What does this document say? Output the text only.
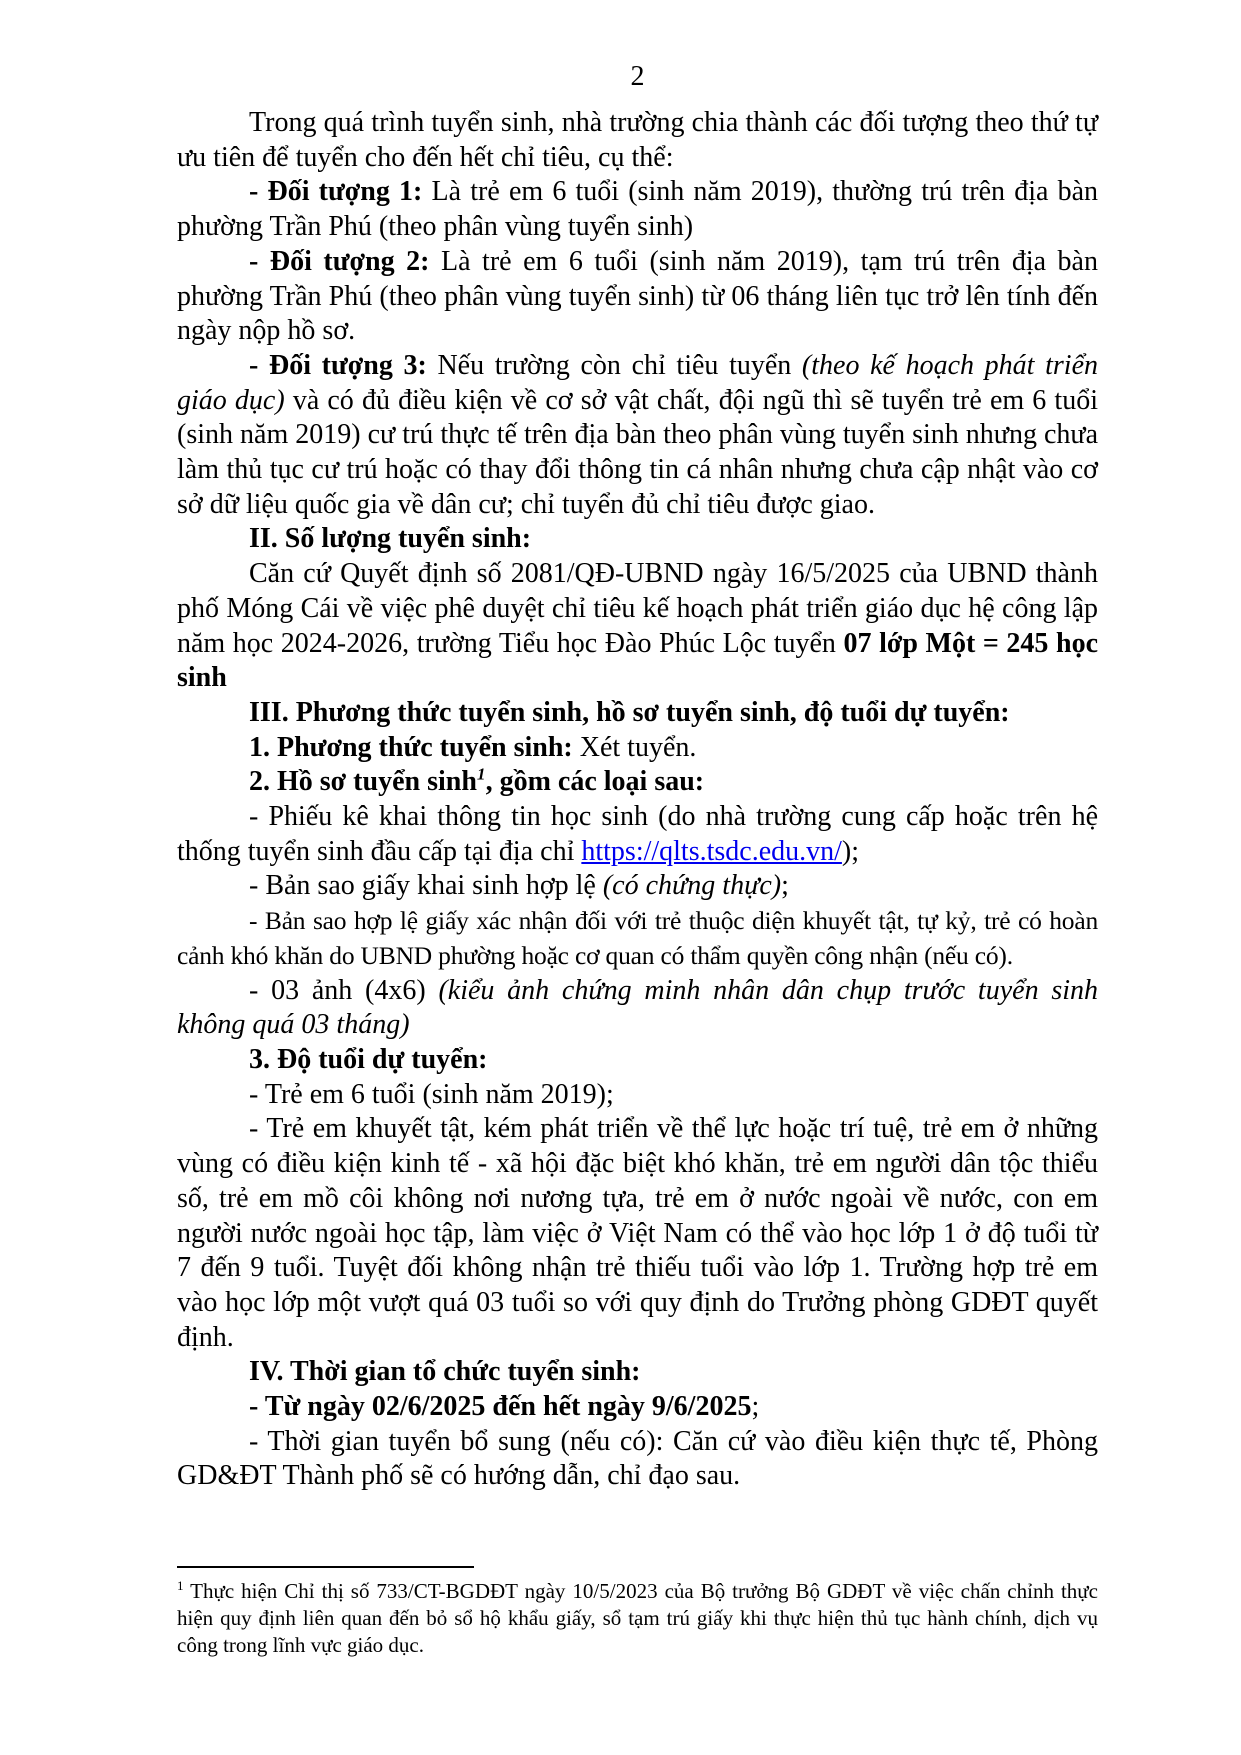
2

Trong quá trình tuyển sinh, nhà trường chia thành các đối tượng theo thứ tự ưu tiên để tuyển cho đến hết chỉ tiêu, cụ thể:

- Đối tượng 1: Là trẻ em 6 tuổi (sinh năm 2019), thường trú trên địa bàn phường Trần Phú (theo phân vùng tuyển sinh)

- Đối tượng 2: Là trẻ em 6 tuổi (sinh năm 2019), tạm trú trên địa bàn phường Trần Phú (theo phân vùng tuyển sinh) từ 06 tháng liên tục trở lên tính đến ngày nộp hồ sơ.

- Đối tượng 3: Nếu trường còn chỉ tiêu tuyển (theo kế hoạch phát triển giáo dục) và có đủ điều kiện về cơ sở vật chất, đội ngũ thì sẽ tuyển trẻ em 6 tuổi (sinh năm 2019) cư trú thực tế trên địa bàn theo phân vùng tuyển sinh nhưng chưa làm thủ tục cư trú hoặc có thay đổi thông tin cá nhân nhưng chưa cập nhật vào cơ sở dữ liệu quốc gia về dân cư; chỉ tuyển đủ chỉ tiêu được giao.

II. Số lượng tuyển sinh:

Căn cứ Quyết định số 2081/QĐ-UBND ngày 16/5/2025 của UBND thành phố Móng Cái về việc phê duyệt chỉ tiêu kế hoạch phát triển giáo dục hệ công lập năm học 2024-2026, trường Tiểu học Đào Phúc Lộc tuyển 07 lớp Một = 245 học sinh

III. Phương thức tuyển sinh, hồ sơ tuyển sinh, độ tuổi dự tuyển:

1. Phương thức tuyển sinh: Xét tuyển.

2. Hồ sơ tuyển sinh$^1$, gồm các loại sau:

- Phiếu kê khai thông tin học sinh (do nhà trường cung cấp hoặc trên hệ thống tuyển sinh đầu cấp tại địa chỉ https://qlts.tsdc.edu.vn/);

- Bản sao giấy khai sinh hợp lệ (có chứng thực);

- Bản sao hợp lệ giấy xác nhận đối với trẻ thuộc diện khuyết tật, tự kỷ, trẻ có hoàn cảnh khó khăn do UBND phường hoặc cơ quan có thẩm quyền công nhận (nếu có).

- 03 ảnh (4x6) (kiểu ảnh chứng minh nhân dân chụp trước tuyển sinh không quá 03 tháng)

3. Độ tuổi dự tuyển:

- Trẻ em 6 tuổi (sinh năm 2019);

- Trẻ em khuyết tật, kém phát triển về thể lực hoặc trí tuệ, trẻ em ở những vùng có điều kiện kinh tế - xã hội đặc biệt khó khăn, trẻ em người dân tộc thiểu số, trẻ em mồ côi không nơi nương tựa, trẻ em ở nước ngoài về nước, con em người nước ngoài học tập, làm việc ở Việt Nam có thể vào học lớp 1 ở độ tuổi từ 7 đến 9 tuổi. Tuyệt đối không nhận trẻ thiếu tuổi vào lớp 1. Trường hợp trẻ em vào học lớp một vượt quá 03 tuổi so với quy định do Trưởng phòng GDĐT quyết định.

IV. Thời gian tổ chức tuyển sinh:

- Từ ngày 02/6/2025 đến hết ngày 9/6/2025;

- Thời gian tuyển bổ sung (nếu có): Căn cứ vào điều kiện thực tế, Phòng GD&ĐT Thành phố sẽ có hướng dẫn, chỉ đạo sau.

$^1$ Thực hiện Chỉ thị số 733/CT-BGDĐT ngày 10/5/2023 của Bộ trưởng Bộ GDĐT về việc chấn chỉnh thực hiện quy định liên quan đến bỏ sổ hộ khẩu giấy, sổ tạm trú giấy khi thực hiện thủ tục hành chính, dịch vụ công trong lĩnh vực giáo dục.
